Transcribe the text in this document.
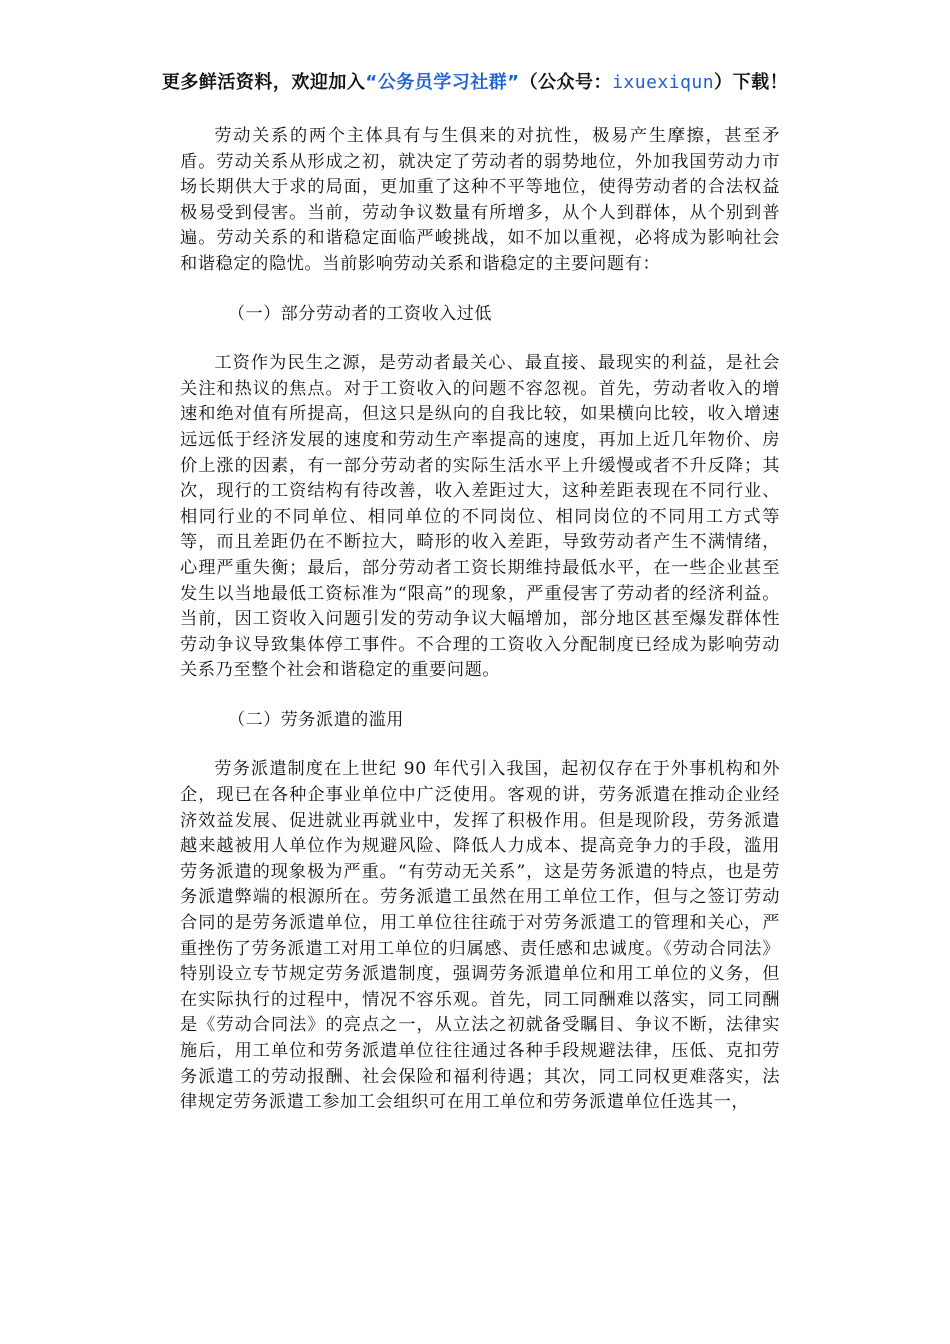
更多鲜活资料，欢迎加入“公务员学习社群”（公众号：ixuexiqun）下载！

劳动关系的两个主体具有与生俱来的对抗性，极易产生摩擦，甚至矛盾。劳动关系从形成之初，就决定了劳动者的弱势地位，外加我国劳动力市场长期供大于求的局面，更加重了这种不平等地位，使得劳动者的合法权益极易受到侵害。当前，劳动争议数量有所增多，从个人到群体，从个别到普遍。劳动关系的和谐稳定面临严峻挑战，如不加以重视，必将成为影响社会和谐稳定的隐忧。当前影响劳动关系和谐稳定的主要问题有：

（一）部分劳动者的工资收入过低

工资作为民生之源，是劳动者最关心、最直接、最现实的利益，是社会关注和热议的焦点。对于工资收入的问题不容忽视。首先，劳动者收入的增速和绝对值有所提高，但这只是纵向的自我比较，如果横向比较，收入增速远远低于经济发展的速度和劳动生产率提高的速度，再加上近几年物价、房价上涨的因素，有一部分劳动者的实际生活水平上升缓慢或者不升反降；其次，现行的工资结构有待改善，收入差距过大，这种差距表现在不同行业、相同行业的不同单位、相同单位的不同岗位、相同岗位的不同用工方式等等，而且差距仍在不断拉大，畸形的收入差距，导致劳动者产生不满情绪，心理严重失衡；最后，部分劳动者工资长期维持最低水平，在一些企业甚至发生以当地最低工资标准为“限高”的现象，严重侵害了劳动者的经济利益。当前，因工资收入问题引发的劳动争议大幅增加，部分地区甚至爆发群体性劳动争议导致集体停工事件。不合理的工资收入分配制度已经成为影响劳动关系乃至整个社会和谐稳定的重要问题。

（二）劳务派遣的滥用

劳务派遣制度在上世纪 90 年代引入我国，起初仅存在于外事机构和外企，现已在各种企事业单位中广泛使用。客观的讲，劳务派遣在推动企业经济效益发展、促进就业再就业中，发挥了积极作用。但是现阶段，劳务派遣越来越被用人单位作为规避风险、降低人力成本、提高竞争力的手段，滥用劳务派遣的现象极为严重。“有劳动无关系”，这是劳务派遣的特点，也是劳务派遣弊端的根源所在。劳务派遣工虽然在用工单位工作，但与之签订劳动合同的是劳务派遣单位，用工单位往往疏于对劳务派遣工的管理和关心，严重挫伤了劳务派遣工对用工单位的归属感、责任感和忠诚度。《劳动合同法》特别设立专节规定劳务派遣制度，强调劳务派遣单位和用工单位的义务，但在实际执行的过程中，情况不容乐观。首先，同工同酬难以落实，同工同酬是《劳动合同法》的亮点之一，从立法之初就备受瞩目、争议不断，法律实施后，用工单位和劳务派遣单位往往通过各种手段规避法律，压低、克扣劳务派遣工的劳动报酬、社会保险和福利待遇；其次，同工同权更难落实，法律规定劳务派遣工参加工会组织可在用工单位和劳务派遣单位任选其一，
